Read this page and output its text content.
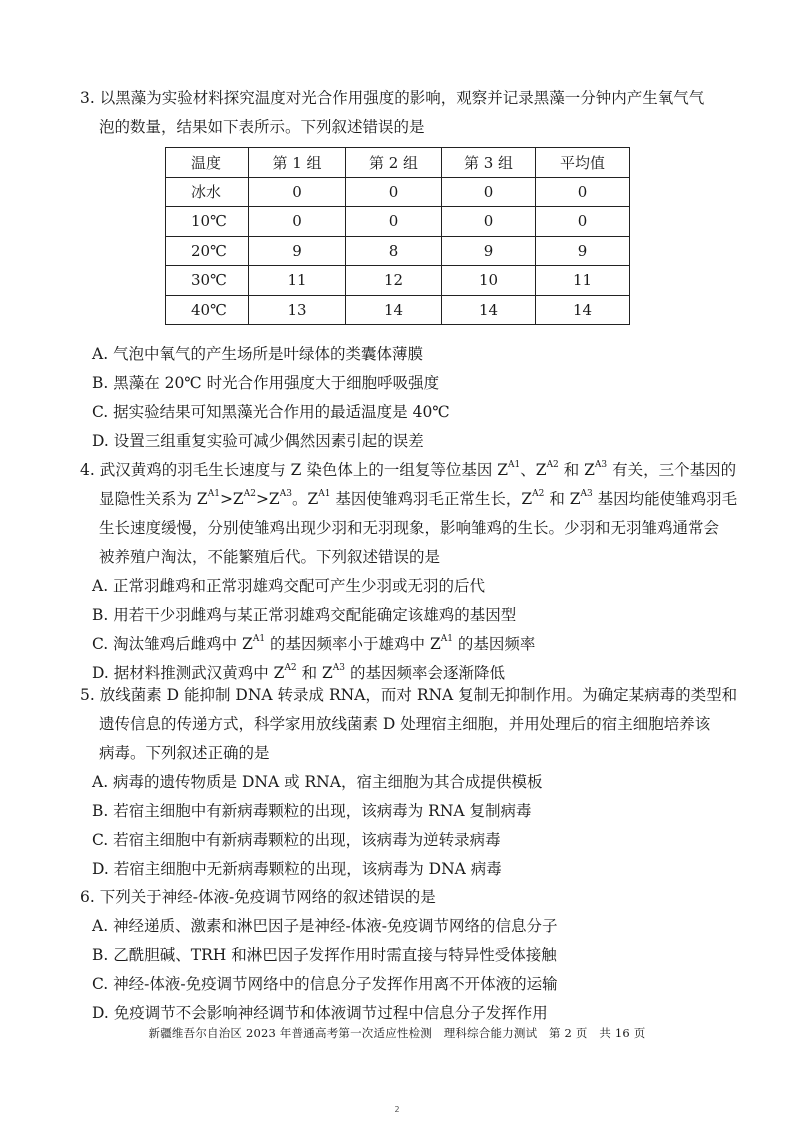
3. 以黑藻为实验材料探究温度对光合作用强度的影响，观察并记录黑藻一分钟内产生氧气气
泡的数量，结果如下表所示。下列叙述错误的是
温度	第 1 组	第 2 组	第 3 组	平均值
冰水	0	0	0	0
10℃	0	0	0	0
20℃	9	8	9	9
30℃	11	12	10	11
40℃	13	14	14	14
A. 气泡中氧气的产生场所是叶绿体的类囊体薄膜
B. 黑藻在 20℃ 时光合作用强度大于细胞呼吸强度
C. 据实验结果可知黑藻光合作用的最适温度是 40℃
D. 设置三组重复实验可减少偶然因素引起的误差
4. 武汉黄鸡的羽毛生长速度与 Z 染色体上的一组复等位基因 $Z^{A1}$、$Z^{A2}$ 和 $Z^{A3}$ 有关，三个基因的
显隐性关系为 $Z^{A1}>Z^{A2}>Z^{A3}$。$Z^{A1}$ 基因使雏鸡羽毛正常生长，$Z^{A2}$ 和 $Z^{A3}$ 基因均能使雏鸡羽毛
生长速度缓慢，分别使雏鸡出现少羽和无羽现象，影响雏鸡的生长。少羽和无羽雏鸡通常会
被养殖户淘汰，不能繁殖后代。下列叙述错误的是
A. 正常羽雌鸡和正常羽雄鸡交配可产生少羽或无羽的后代
B. 用若干少羽雌鸡与某正常羽雄鸡交配能确定该雄鸡的基因型
C. 淘汰雏鸡后雌鸡中 $Z^{A1}$ 的基因频率小于雄鸡中 $Z^{A1}$ 的基因频率
D. 据材料推测武汉黄鸡中 $Z^{A2}$ 和 $Z^{A3}$ 的基因频率会逐渐降低
5. 放线菌素 D 能抑制 DNA 转录成 RNA，而对 RNA 复制无抑制作用。为确定某病毒的类型和
遗传信息的传递方式，科学家用放线菌素 D 处理宿主细胞，并用处理后的宿主细胞培养该
病毒。下列叙述正确的是
A. 病毒的遗传物质是 DNA 或 RNA，宿主细胞为其合成提供模板
B. 若宿主细胞中有新病毒颗粒的出现，该病毒为 RNA 复制病毒
C. 若宿主细胞中有新病毒颗粒的出现，该病毒为逆转录病毒
D. 若宿主细胞中无新病毒颗粒的出现，该病毒为 DNA 病毒
6. 下列关于神经-体液-免疫调节网络的叙述错误的是
A. 神经递质、激素和淋巴因子是神经-体液-免疫调节网络的信息分子
B. 乙酰胆碱、TRH 和淋巴因子发挥作用时需直接与特异性受体接触
C. 神经-体液-免疫调节网络中的信息分子发挥作用离不开体液的运输
D. 免疫调节不会影响神经调节和体液调节过程中信息分子发挥作用
新疆维吾尔自治区 2023 年普通高考第一次适应性检测　理科综合能力测试　第 2 页　共 16 页
2
